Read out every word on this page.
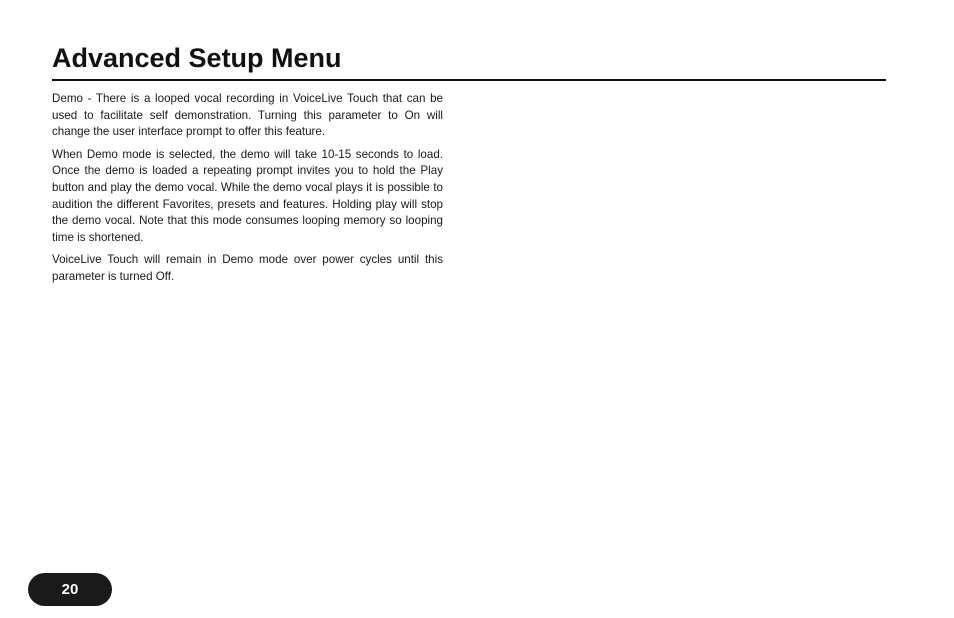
Advanced Setup Menu

Demo - There is a looped vocal recording in VoiceLive Touch that can be used to facilitate self demonstration. Turning this parameter to On will change the user interface prompt to offer this feature.

When Demo mode is selected, the demo will take 10-15 seconds to load. Once the demo is loaded a repeating prompt invites you to hold the Play button and play the demo vocal. While the demo vocal plays it is possible to audition the different Favorites, presets and features. Holding play will stop the demo vocal. Note that this mode consumes looping memory so looping time is shortened.

VoiceLive Touch will remain in Demo mode over power cycles until this parameter is turned Off.

20
